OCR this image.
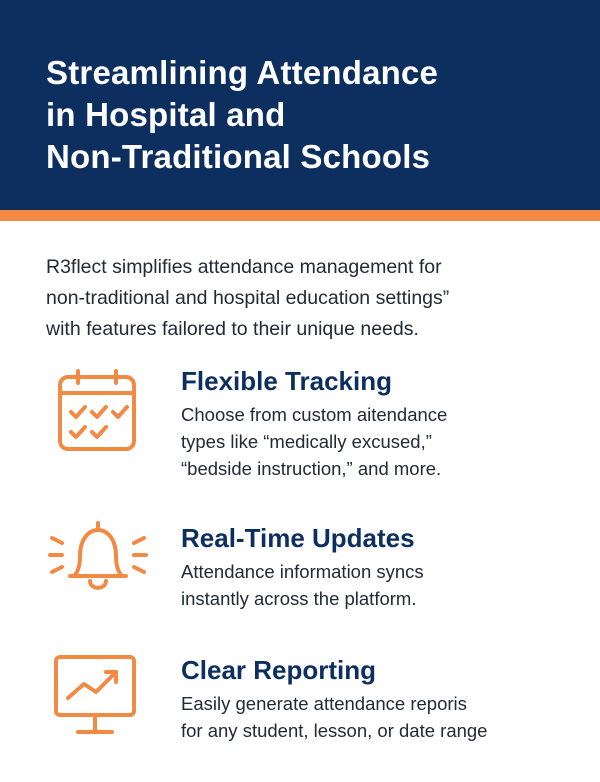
Streamlining Attendance
in Hospital and
Non-Traditional Schools

R3flect simplifies attendance management for
non-traditional and hospital education settings”
with features failored to their unique needs.

Flexible Tracking

Choose from custom aitendance
types like “medically excused,”
“bedside instruction,” and more.

Real-Time Updates

Attendance information syncs
instantly across the platform.

Clear Reporting

Easily generate attendance reporis
for any student, lesson, or date range
